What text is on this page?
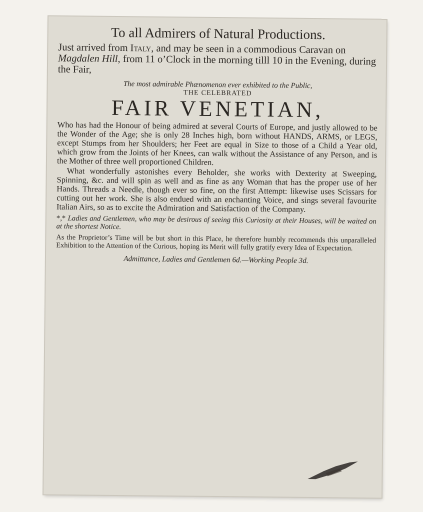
To all Admirers of Natural Productions.
Just arrived from Italy, and may be seen in a commodious Caravan on Magdalen Hill, from 11 o’Clock in the morning tilll 10 in the Evening, during the Fair,
The most admirable Phænomenon ever exhibited to the Public,
THE CELEBRATED
FAIR VENETIAN,

Who has had the Honour of being admired at several Courts of Europe, and justly allowed to be the Wonder of the Age; she is only 28 Inches high, born without HANDS, ARMS, or LEGS, except Stumps from her Shoulders; her Feet are equal in Size to those of a Child a Year old, which grow from the Joints of her Knees, can walk without the Assistance of any Person, and is the Mother of three well proportioned Children.

What wonderfully astonishes every Beholder, she works with Dexterity at Sweeping, Spinning, &c. and will spin as well and as fine as any Woman that has the proper use of her Hands. Threads a Needle, though ever so fine, on the first Attempt: likewise uses Scissars for cutting out her work. She is also endued with an enchanting Voice, and sings several favourite Italian Airs, so as to excite the Admiration and Satisfaction of the Company.

*,* Ladies and Gentlemen, who may be desirous of seeing this Curiosity at their Houses, will be waited on at the shortest Notice.
As the Proprietor’s Time will be but short in this Place, he therefore humbly recommends this unparalleled Exhibition to the Attention of the Curious, hoping its Merit will fully gratify every Idea of Expectation.
Admittance, Ladies and Gentlemen 6d.—Working People 3d.
